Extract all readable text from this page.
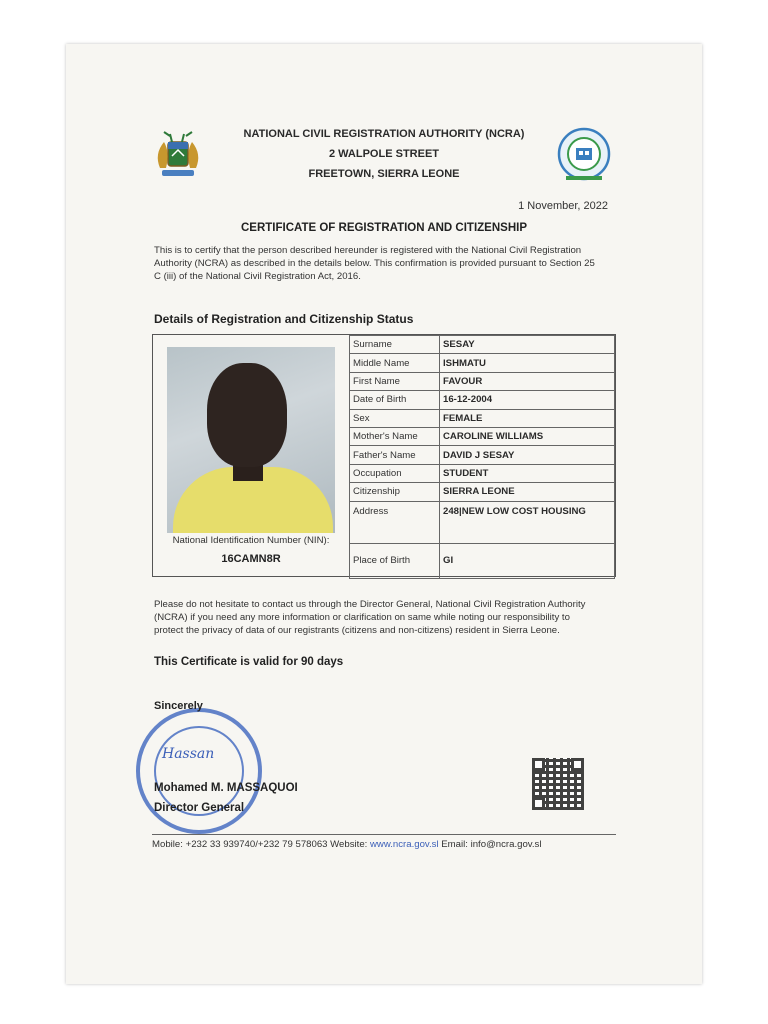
NATIONAL CIVIL REGISTRATION AUTHORITY (NCRA)
2 WALPOLE STREET
FREETOWN, SIERRA LEONE
1 November, 2022
CERTIFICATE OF REGISTRATION AND CITIZENSHIP
This is to certify that the person described hereunder is registered with the National Civil Registration
Authority (NCRA) as described in the details below. This confirmation is provided pursuant to Section 25
C (iii) of the National Civil Registration Act, 2016.
Details of Registration and Citizenship Status
National Identification Number (NIN):
16CAMN8R
Surname	SESAY
Middle Name	ISHMATU
First Name	FAVOUR
Date of Birth	16-12-2004
Sex	FEMALE
Mother's Name	CAROLINE WILLIAMS
Father's Name	DAVID J SESAY
Occupation	STUDENT
Citizenship	SIERRA LEONE
Address	248|NEW LOW COST HOUSING
Place of Birth	GI
Please do not hesitate to contact us through the Director General, National Civil Registration Authority
(NCRA) if you need any more information or clarification on same while noting our responsibility to
protect the privacy of data of our registrants (citizens and non-citizens) resident in Sierra Leone.
This Certificate is valid for 90 days
Sincerely
Hassan
Mohamed M. MASSAQUOI
Director General
Mobile: +232 33 939740/+232 79 578063 Website: www.ncra.gov.sl Email: info@ncra.gov.sl
